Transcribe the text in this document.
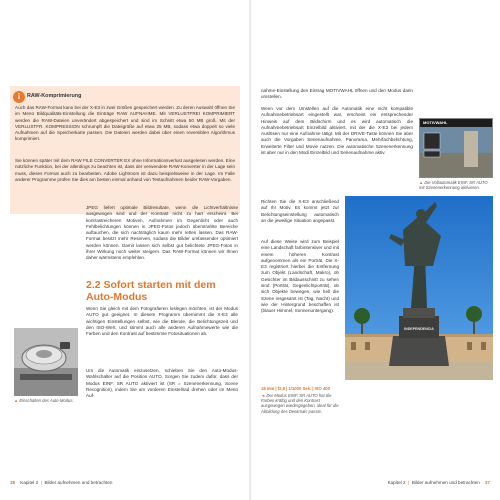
i	RAW-Komprimierung

Auch das RAW-Format kann bei der X-E3 in zwei Größen gespeichert werden. Zu deren Auswahl öffnen Sie im Menü Bildqualitäts-Einstellung die Einträge RAW AUFNAHME. Mit VERLUSTFREI KOMPRIMIERT werden die RAW-Dateien unverändert abgespeichert und sind im Schnitt etwa 50 MB groß. Mit der VERLUSTFR. KOMPRESSION schrumpft die Dateigröße auf etwa 25 MB, sodass etwa doppelt so viele Aufnahmen auf die Speicherkarte passen. Die Dateien werden dabei über einen reversiblen Algorithmus komprimiert.

Sie können später mit dem RAW FILE CONVERTER EX ohne Informationsverlust ausgelesen werden. Eine nützliche Funktion, bei der allerdings zu beachten ist, dass der verwendete RAW-Konverter in der Lage sein muss, dieses Format auch zu bearbeiten. Adobe Lightroom ist dazu beispielsweise in der Lage. Im Falle anderer Programme prüfen Sie dies am besten einmal anhand von Testaufnahmen beider RAW-Vorgaben.

JPEG liefert optimale Bildresultate, wenn die Lichtverhältnisse ausgewogen sind und der Kontrast nicht zu hart erscheint. Bei kontrastreicheren Motiven, Aufnahmen im Gegenlicht oder auch Fehlbelichtungen können in JPEG-Fotos jedoch überstrahlte Bereiche auftauchen, die sich nachträglich kaum mehr retten lassen. Das RAW-Format besitzt mehr Reserven, sodass die Bilder umfassender optimiert werden können. Damit lassen sich selbst gut belichtete JPEG-Fotos in ihrer Wirkung noch weiter steigern. Das RAW-Format können wir Ihnen daher wärmstens empfehlen.

2.2 Sofort starten mit dem Auto-Modus

Wenn Sie gleich mit dem Fotografieren loslegen möchten, ist der Modus AUTO gut geeignet. In diesem Programm übernimmt die X-E3 alle wichtigen Einstellungen selbst, wie die Blende, die Belichtungszeit und den ISO-Wert, und stimmt auch alle anderen Aufnahmewerte wie die Farben und den Kontrast auf bestimmte Fotosituationen ab.

Um die Automatik einzusetzen, schieben Sie den Auto-Modus-Wahlschalter auf die Position AUTO. Sorgen Sie zudem dafür, dass der Modus EINF. SR AUTO aktiviert ist (SR = Szenenerkennung, Scene Recognition), indem Sie am vorderen Einstellrad drehen oder im Menü Auf-

▲ Einschalten des Auto-Modus.
38 Kapitel 2  |  Bilder aufnehmen und betrachten

nahme-Einstellung den Eintrag MOTIVWAHL öffnen und den Modus darin umstellen.

Wenn vor dem Umstellen auf die Automatik eine nicht kompatible Aufnahmebetriebsart eingestellt war, erscheint ein entsprechender Hinweis auf dem Bildschirm und es wird automatisch die Aufnahmebetriebsart Einzelbild aktiviert, mit der die X-E3 bei jedem Auslösen nur eine Aufnahme tätigt. Mit der DRIVE-Taste können Sie aber auch die Vorgaben Serienaufnahme, Panorama, Mehrfachbelichtung, Erweiterte Filter und Movie nutzen. Die automatische Szenenerkennung ist aber nur in den Modi Einzelbild und Serienaufnahme aktiv.

MOTIVWAHL
▲ Die Vollautomatik EINF. SR AUTO mit Szenenerkennung aktivieren.

Richten Sie die X-E3 anschließend auf Ihr Motiv. Es kommt jetzt zur Belichtungseinstellung automatisch an die jeweilige Situation angepasst.

Auf diese Weise wird zum Beispiel eine Landschaft farbintensiver und mit einem höheren Kontrast aufgenommen als ein Porträt. Die X-E3 registriert hierbei die Entfernung zum Objekt (Landschaft, Makro), ob Gesichter im Bildausschnitt zu sehen sind (Porträt, Gegenlichtporträt), ob sich Objekte bewegen, wie hell die Szene insgesamt ist (Tag, Nacht) und wie der Hintergrund beschaffen ist (blauer Himmel, Sonnenuntergang).

INDEPENDENCIA
18 mm | f2,8 | 1/1000 Sek. | ISO 400
◄ Der Modus EINF. SR AUTO hat die Farben kräftig und den Kontrast ausgewogen wiedergegeben, ideal für die Abbildung des Denkmals passte.
Kapitel 2  |  Bilder aufnehmen und betrachten 37
